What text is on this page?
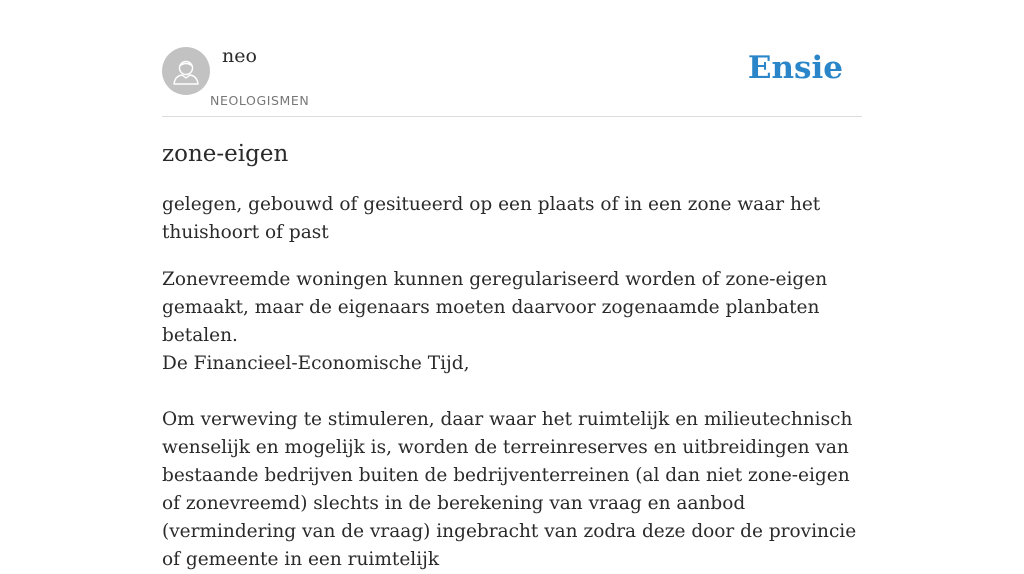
neo
NEOLOGISMEN
Ensie
zone-eigen

gelegen, gebouwd of gesitueerd op een plaats of in een zone waar het thuishoort of past

Zonevreemde woningen kunnen geregulariseerd worden of zone-eigen gemaakt, maar de eigenaars moeten daarvoor zogenaamde planbaten betalen.

De Financieel-Economische Tijd,

Om verweving te stimuleren, daar waar het ruimtelijk en milieutechnisch wenselijk en mogelijk is, worden de terreinreserves en uitbreidingen van bestaande bedrijven buiten de bedrijventerreinen (al dan niet zone-eigen of zonevreemd) slechts in de berekening van vraag en aanbod (vermindering van de vraag) ingebracht van zodra deze door de provincie of gemeente in een ruimtelijk
